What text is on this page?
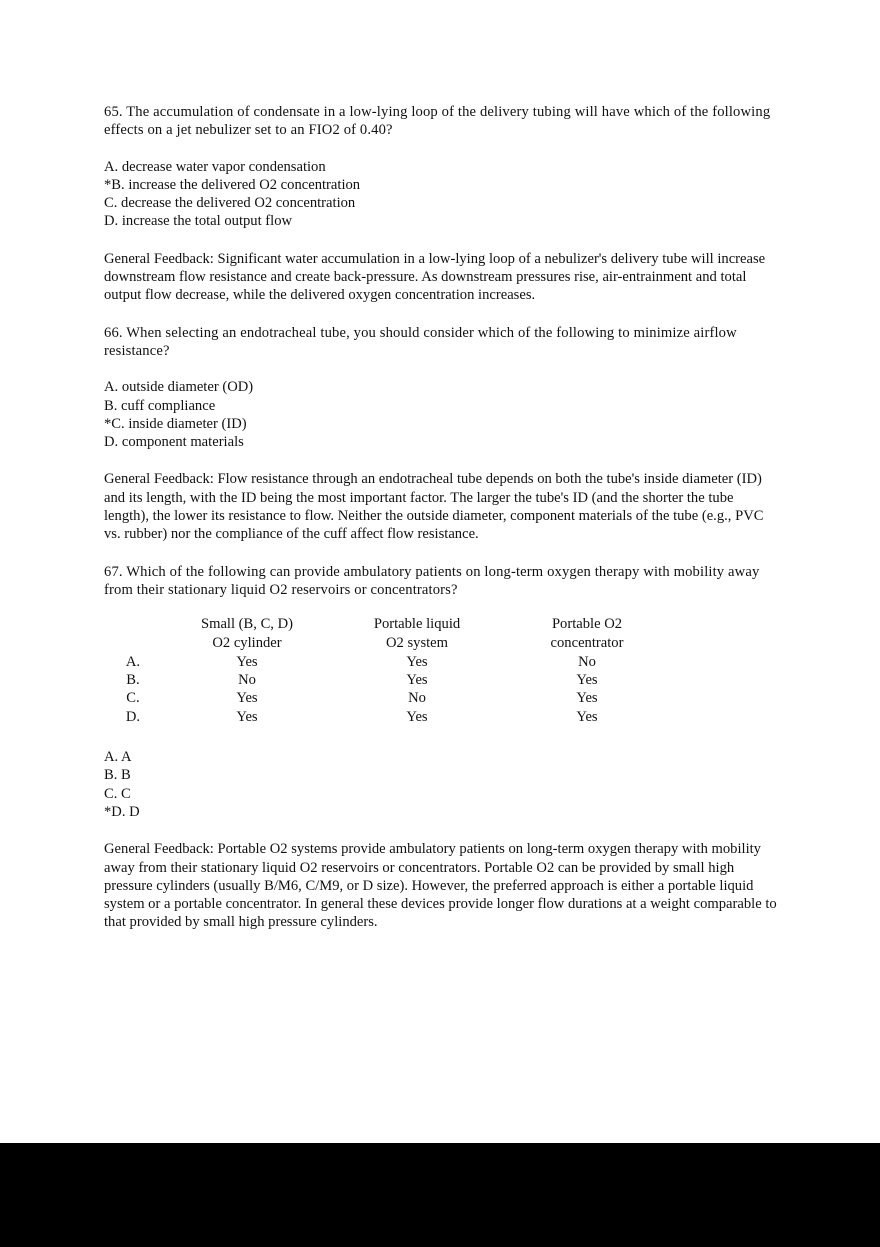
65. The accumulation of condensate in a low-lying loop of the delivery tubing will have which of the following effects on a jet nebulizer set to an FIO2 of 0.40?
A. decrease water vapor condensation
*B. increase the delivered O2 concentration
C. decrease the delivered O2 concentration
D. increase the total output flow
General Feedback: Significant water accumulation in a low-lying loop of a nebulizer's delivery tube will increase downstream flow resistance and create back-pressure. As downstream pressures rise, air-entrainment and total output flow decrease, while the delivered oxygen concentration increases.
66. When selecting an endotracheal tube, you should consider which of the following to minimize airflow resistance?
A. outside diameter (OD)
B. cuff compliance
*C. inside diameter (ID)
D. component materials
General Feedback: Flow resistance through an endotracheal tube depends on both the tube's inside diameter (ID) and its length, with the ID being the most important factor. The larger the tube's ID (and the shorter the tube length), the lower its resistance to flow. Neither the outside diameter, component materials of the tube (e.g., PVC vs. rubber) nor the compliance of the cuff affect flow resistance.
67. Which of the following can provide ambulatory patients on long-term oxygen therapy with mobility away from their stationary liquid O2 reservoirs or concentrators?
	Small (B, C, D)	Portable liquid	Portable O2
	O2 cylinder	O2 system	concentrator
A.	Yes	Yes	No
B.	No	Yes	Yes
C.	Yes	No	Yes
D.	Yes	Yes	Yes
A. A
B. B
C. C
*D. D
General Feedback: Portable O2 systems provide ambulatory patients on long-term oxygen therapy with mobility away from their stationary liquid O2 reservoirs or concentrators. Portable O2 can be provided by small high pressure cylinders (usually B/M6, C/M9, or D size). However, the preferred approach is either a portable liquid system or a portable concentrator. In general these devices provide longer flow durations at a weight comparable to that provided by small high pressure cylinders.
